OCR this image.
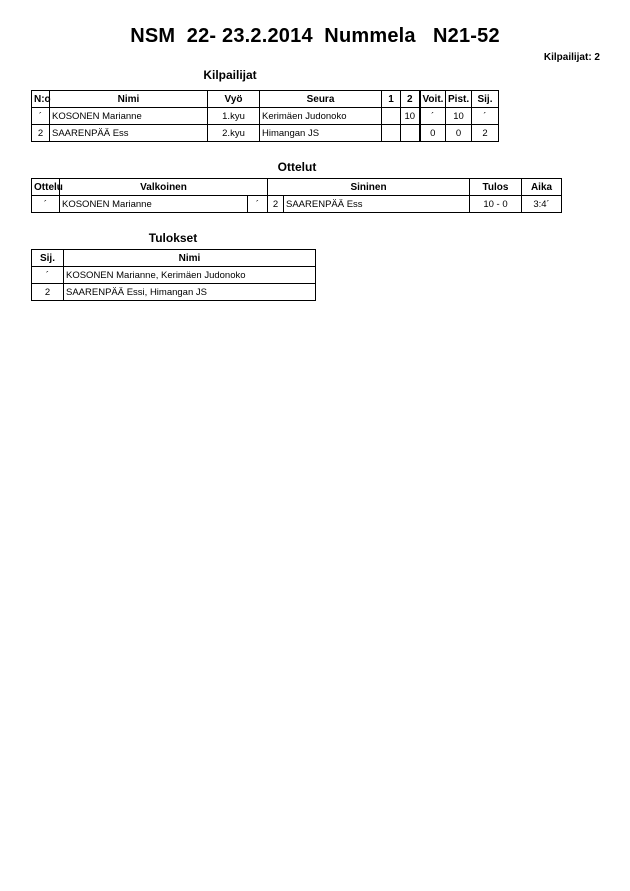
NSM  22- 23.2.2014  Nummela   N21-52
Kilpailijat: 2
Kilpailijat
N:o	Nimi	Vyö	Seura	1	2	Voit.	Pist.	Sij.
´	KOSONEN Marianne	1.kyu	Kerimäen Judonoko		10	´	10	´
2	SAARENPÄÄ Ess	2.kyu	Himangan JS			0	0	2
Ottelut
Ottelu	Valkoinen		Sininen		Tulos	Aika
´	KOSONEN Marianne	´	2	SAARENPÄÄ Ess	10 - 0	3:4´
Tulokset
Sij.	Nimi
´	KOSONEN Marianne, Kerimäen Judonoko
2	SAARENPÄÄ Essi, Himangan JS
